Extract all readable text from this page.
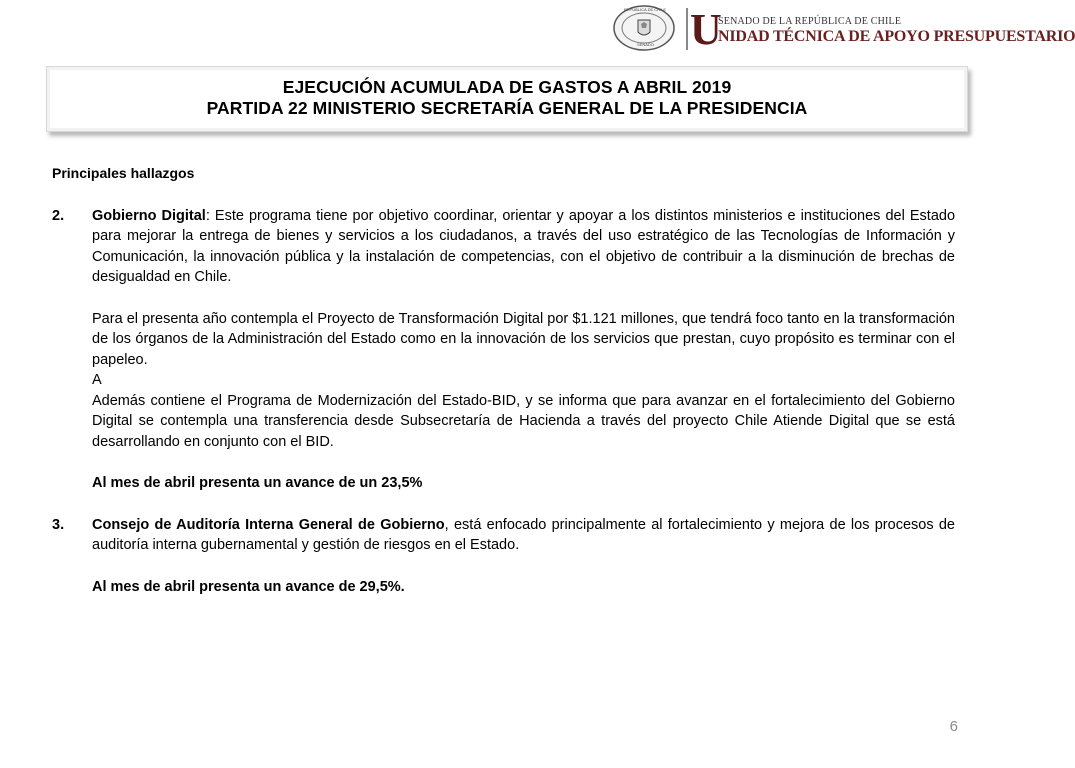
REPÚBLICA DE CHILE
SENADO U
SENADO DE LA REPÚBLICA DE CHILE
NIDAD TÉCNICA DE APOYO PRESUPUESTARIO
EJECUCIÓN ACUMULADA DE GASTOS A ABRIL 2019
PARTIDA 22 MINISTERIO SECRETARÍA GENERAL DE LA PRESIDENCIA

Principales hallazgos

2. Gobierno Digital: Este programa tiene por objetivo coordinar, orientar y apoyar a los distintos ministerios e instituciones del Estado para mejorar la entrega de bienes y servicios a los ciudadanos, a través del uso estratégico de las Tecnologías de Información y Comunicación, la innovación pública y la instalación de competencias, con el objetivo de contribuir a la disminución de brechas de desigualdad en Chile.

Para el presenta año contempla el Proyecto de Transformación Digital por $1.121 millones, que tendrá foco tanto en la transformación de los órganos de la Administración del Estado como en la innovación de los servicios que prestan, cuyo propósito es terminar con el papeleo.

A

Además contiene el Programa de Modernización del Estado-BID, y se informa que para avanzar en el fortalecimiento del Gobierno Digital se contempla una transferencia desde Subsecretaría de Hacienda a través del proyecto Chile Atiende Digital que se está desarrollando en conjunto con el BID.

Al mes de abril presenta un avance de un 23,5%

3. Consejo de Auditoría Interna General de Gobierno, está enfocado principalmente al fortalecimiento y mejora de los procesos de auditoría interna gubernamental y gestión de riesgos en el Estado.

Al mes de abril presenta un avance de 29,5%.

6
